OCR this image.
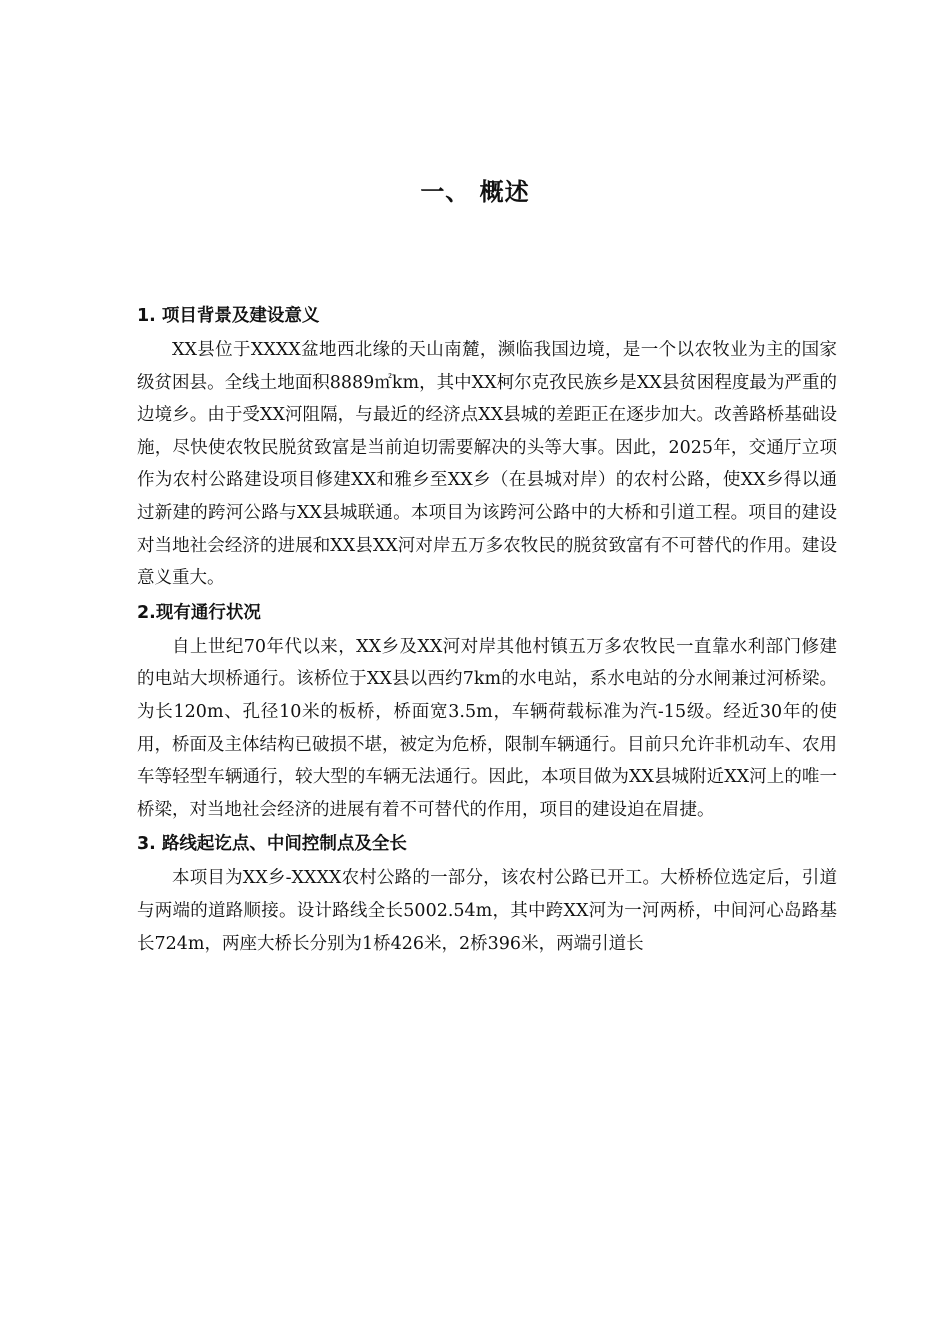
一、 概述
1. 项目背景及建设意义

XX县位于XXXX盆地西北缘的天山南麓，濒临我国边境，是一个以农牧业为主的国家级贫困县。全线土地面积8889㎡km，其中XX柯尔克孜民族乡是XX县贫困程度最为严重的边境乡。由于受XX河阻隔，与最近的经济点XX县城的差距正在逐步加大。改善路桥基础设施，尽快使农牧民脱贫致富是当前迫切需要解决的头等大事。因此，2025年，交通厅立项作为农村公路建设项目修建XX和雅乡至XX乡（在县城对岸）的农村公路，使XX乡得以通过新建的跨河公路与XX县城联通。本项目为该跨河公路中的大桥和引道工程。项目的建设对当地社会经济的进展和XX县XX河对岸五万多农牧民的脱贫致富有不可替代的作用。建设意义重大。

2.现有通行状况

自上世纪70年代以来，XX乡及XX河对岸其他村镇五万多农牧民一直靠水利部门修建的电站大坝桥通行。该桥位于XX县以西约7km的水电站，系水电站的分水闸兼过河桥梁。为长120m、孔径10米的板桥，桥面宽3.5m，车辆荷载标准为汽-15级。经近30年的使用，桥面及主体结构已破损不堪，被定为危桥，限制车辆通行。目前只允许非机动车、农用车等轻型车辆通行，较大型的车辆无法通行。因此，本项目做为XX县城附近XX河上的唯一桥梁，对当地社会经济的进展有着不可替代的作用，项目的建设迫在眉捷。

3. 路线起讫点、中间控制点及全长

本项目为XX乡-XXXX农村公路的一部分，该农村公路已开工。大桥桥位选定后，引道与两端的道路顺接。设计路线全长5002.54m，其中跨XX河为一河两桥，中间河心岛路基长724m，两座大桥长分别为1桥426米，2桥396米，两端引道长
